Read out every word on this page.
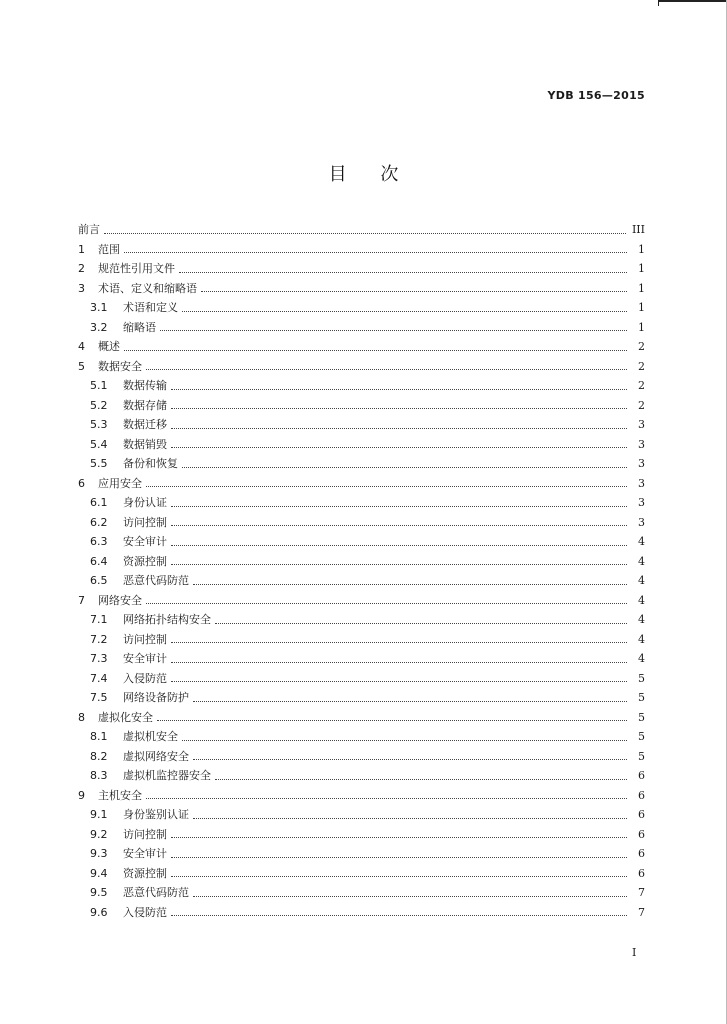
YDB 156—2015
目 次
前言	III
1	范围	1
2	规范性引用文件	1
3	术语、定义和缩略语	1
3.1	术语和定义	1
3.2	缩略语	1
4	概述	2
5	数据安全	2
5.1	数据传输	2
5.2	数据存储	2
5.3	数据迁移	3
5.4	数据销毁	3
5.5	备份和恢复	3
6	应用安全	3
6.1	身份认证	3
6.2	访问控制	3
6.3	安全审计	4
6.4	资源控制	4
6.5	恶意代码防范	4
7	网络安全	4
7.1	网络拓扑结构安全	4
7.2	访问控制	4
7.3	安全审计	4
7.4	入侵防范	5
7.5	网络设备防护	5
8	虚拟化安全	5
8.1	虚拟机安全	5
8.2	虚拟网络安全	5
8.3	虚拟机监控器安全	6
9	主机安全	6
9.1	身份鉴别认证	6
9.2	访问控制	6
9.3	安全审计	6
9.4	资源控制	6
9.5	恶意代码防范	7
9.6	入侵防范	7
I
